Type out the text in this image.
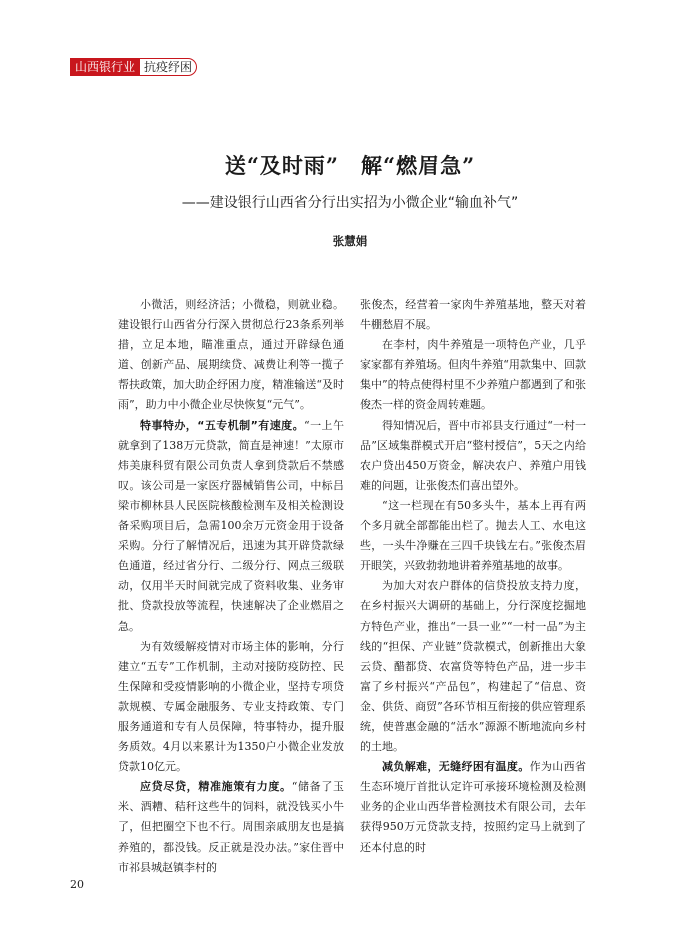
山西银行业 抗疫纾困
送“及时雨”　解“燃眉急”
——建设银行山西省分行出实招为小微企业“输血补气”
张慧娟

小微活，则经济活；小微稳，则就业稳。建设银行山西省分行深入贯彻总行23条系列举措，立足本地，瞄准重点，通过开辟绿色通道、创新产品、展期续贷、减费让利等一揽子帮扶政策，加大助企纾困力度，精准输送“及时雨”，助力中小微企业尽快恢复“元气”。

特事特办，“五专机制”有速度。“一上午就拿到了138万元贷款，简直是神速！”太原市炜美康科贸有限公司负责人拿到贷款后不禁感叹。该公司是一家医疗器械销售公司，中标吕梁市柳林县人民医院核酸检测车及相关检测设备采购项目后，急需100余万元资金用于设备采购。分行了解情况后，迅速为其开辟贷款绿色通道，经过省分行、二级分行、网点三级联动，仅用半天时间就完成了资料收集、业务审批、贷款投放等流程，快速解决了企业燃眉之急。

为有效缓解疫情对市场主体的影响，分行建立“五专”工作机制，主动对接防疫防控、民生保障和受疫情影响的小微企业，坚持专项贷款规模、专属金融服务、专业支持政策、专门服务通道和专有人员保障，特事特办，提升服务质效。4月以来累计为1350户小微企业发放贷款10亿元。

应贷尽贷，精准施策有力度。“储备了玉米、酒糟、秸秆这些牛的饲料，就没钱买小牛了，但把圈空下也不行。周围亲戚朋友也是搞养殖的，都没钱。反正就是没办法。”家住晋中市祁县城赵镇李村的

张俊杰，经营着一家肉牛养殖基地，整天对着牛棚愁眉不展。

在李村，肉牛养殖是一项特色产业，几乎家家都有养殖场。但肉牛养殖“用款集中、回款集中”的特点使得村里不少养殖户都遇到了和张俊杰一样的资金周转难题。

得知情况后，晋中市祁县支行通过“一村一品”区域集群模式开启“整村授信”，5天之内给农户贷出450万资金，解决农户、养殖户用钱难的问题，让张俊杰们喜出望外。

“这一栏现在有50多头牛，基本上再有两个多月就全部都能出栏了。抛去人工、水电这些，一头牛净赚在三四千块钱左右。”张俊杰眉开眼笑，兴致勃勃地讲着养殖基地的故事。

为加大对农户群体的信贷投放支持力度，在乡村振兴大调研的基础上，分行深度挖掘地方特色产业，推出“一县一业”“一村一品”为主线的“担保、产业链”贷款模式，创新推出大象云贷、醋都贷、农富贷等特色产品，进一步丰富了乡村振兴“产品包”，构建起了“信息、资金、供货、商贸”各环节相互衔接的供应管理系统，使普惠金融的“活水”源源不断地流向乡村的土地。

减负解难，无缝纾困有温度。作为山西省生态环境厅首批认定许可承接环境检测及检测业务的企业山西华普检测技术有限公司，去年获得950万元贷款支持，按照约定马上就到了还本付息的时

20
